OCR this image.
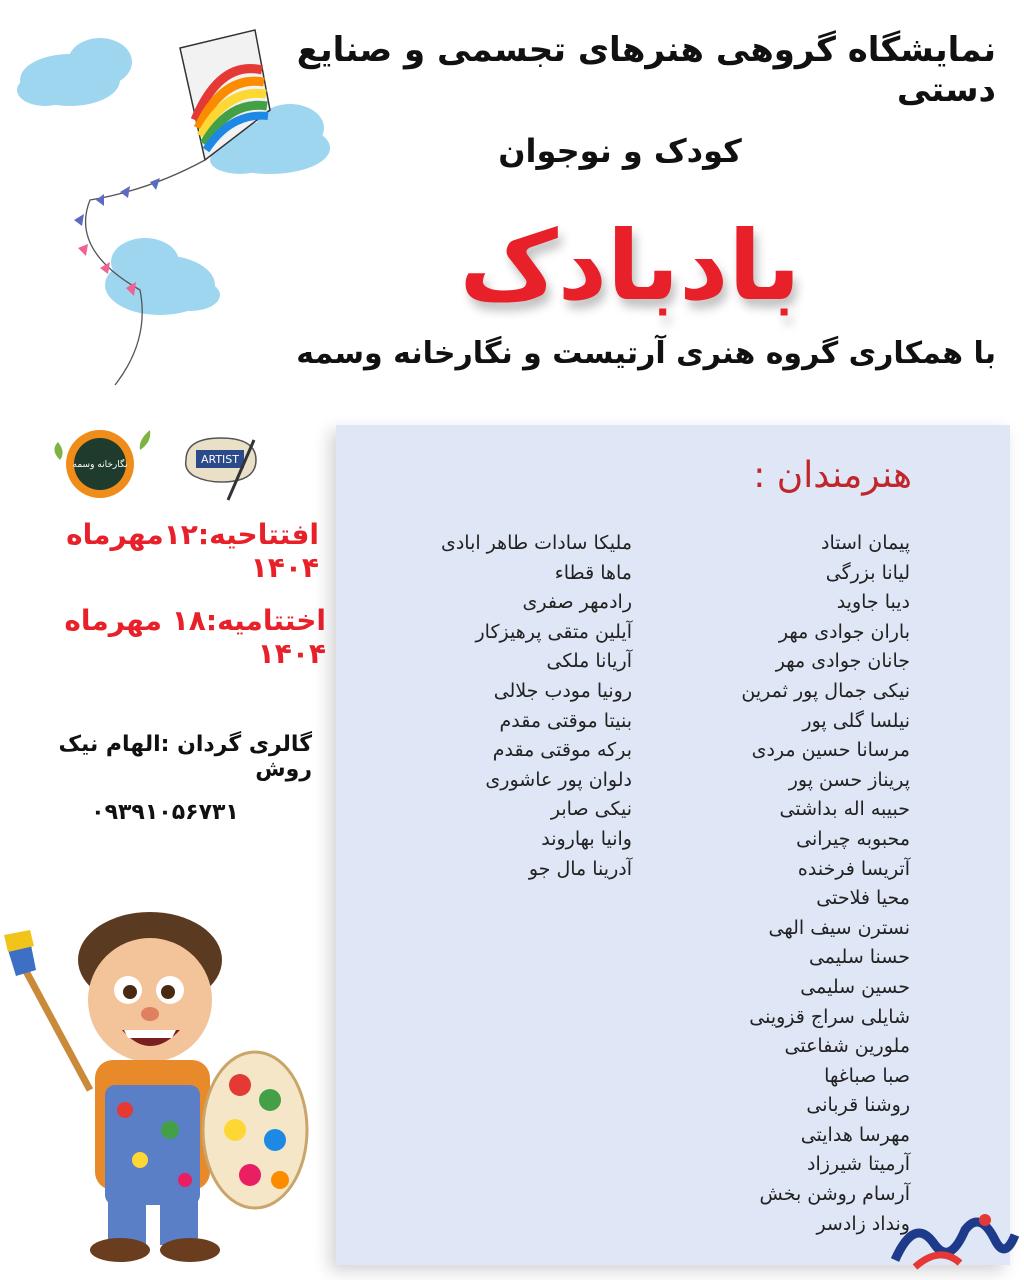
نمایشگاه گروهی هنرهای تجسمی و صنایع دستی
کودک و نوجوان
بادبادک
با همکاری گروه هنری آرتیست و نگارخانه وسمه
نگارخانه وسمه	ARTIST
افتتاحیه:۱۲مهرماه ۱۴۰۴
اختتامیه:۱۸ مهرماه ۱۴۰۴
گالری گردان :الهام نیک روش
۰۹۳۹۱۰۵۶۷۳۱
هنرمندان :
پیمان استاد
لیانا بزرگی
دیبا جاوید
باران جوادی مهر
جانان جوادی مهر
نیکی جمال پور ثمرین
نیلسا گلی پور
مرسانا حسین مردی
پریناز حسن پور
حبیبه اله بداشتی
محبوبه چیرانی
آتریسا فرخنده
محیا فلاحتی
نسترن سیف الهی
حسنا سلیمی
حسین سلیمی
شایلی سراج قزوینی
ملورین شفاعتی
صبا صباغها
روشنا قربانی
مهرسا هدایتی
آرمیتا شیرزاد
آرسام روشن بخش
ونداد زادسر
ملیکا سادات طاهر ابادی
ماها قطاء
رادمهر صفری
آیلین متقی پرهیزکار
آریانا ملکی
رونیا مودب جلالی
بنیتا موقتی مقدم
برکه موقتی مقدم
دلوان پور عاشوری
نیکی صابر
وانیا بهاروند
آدرینا مال جو
